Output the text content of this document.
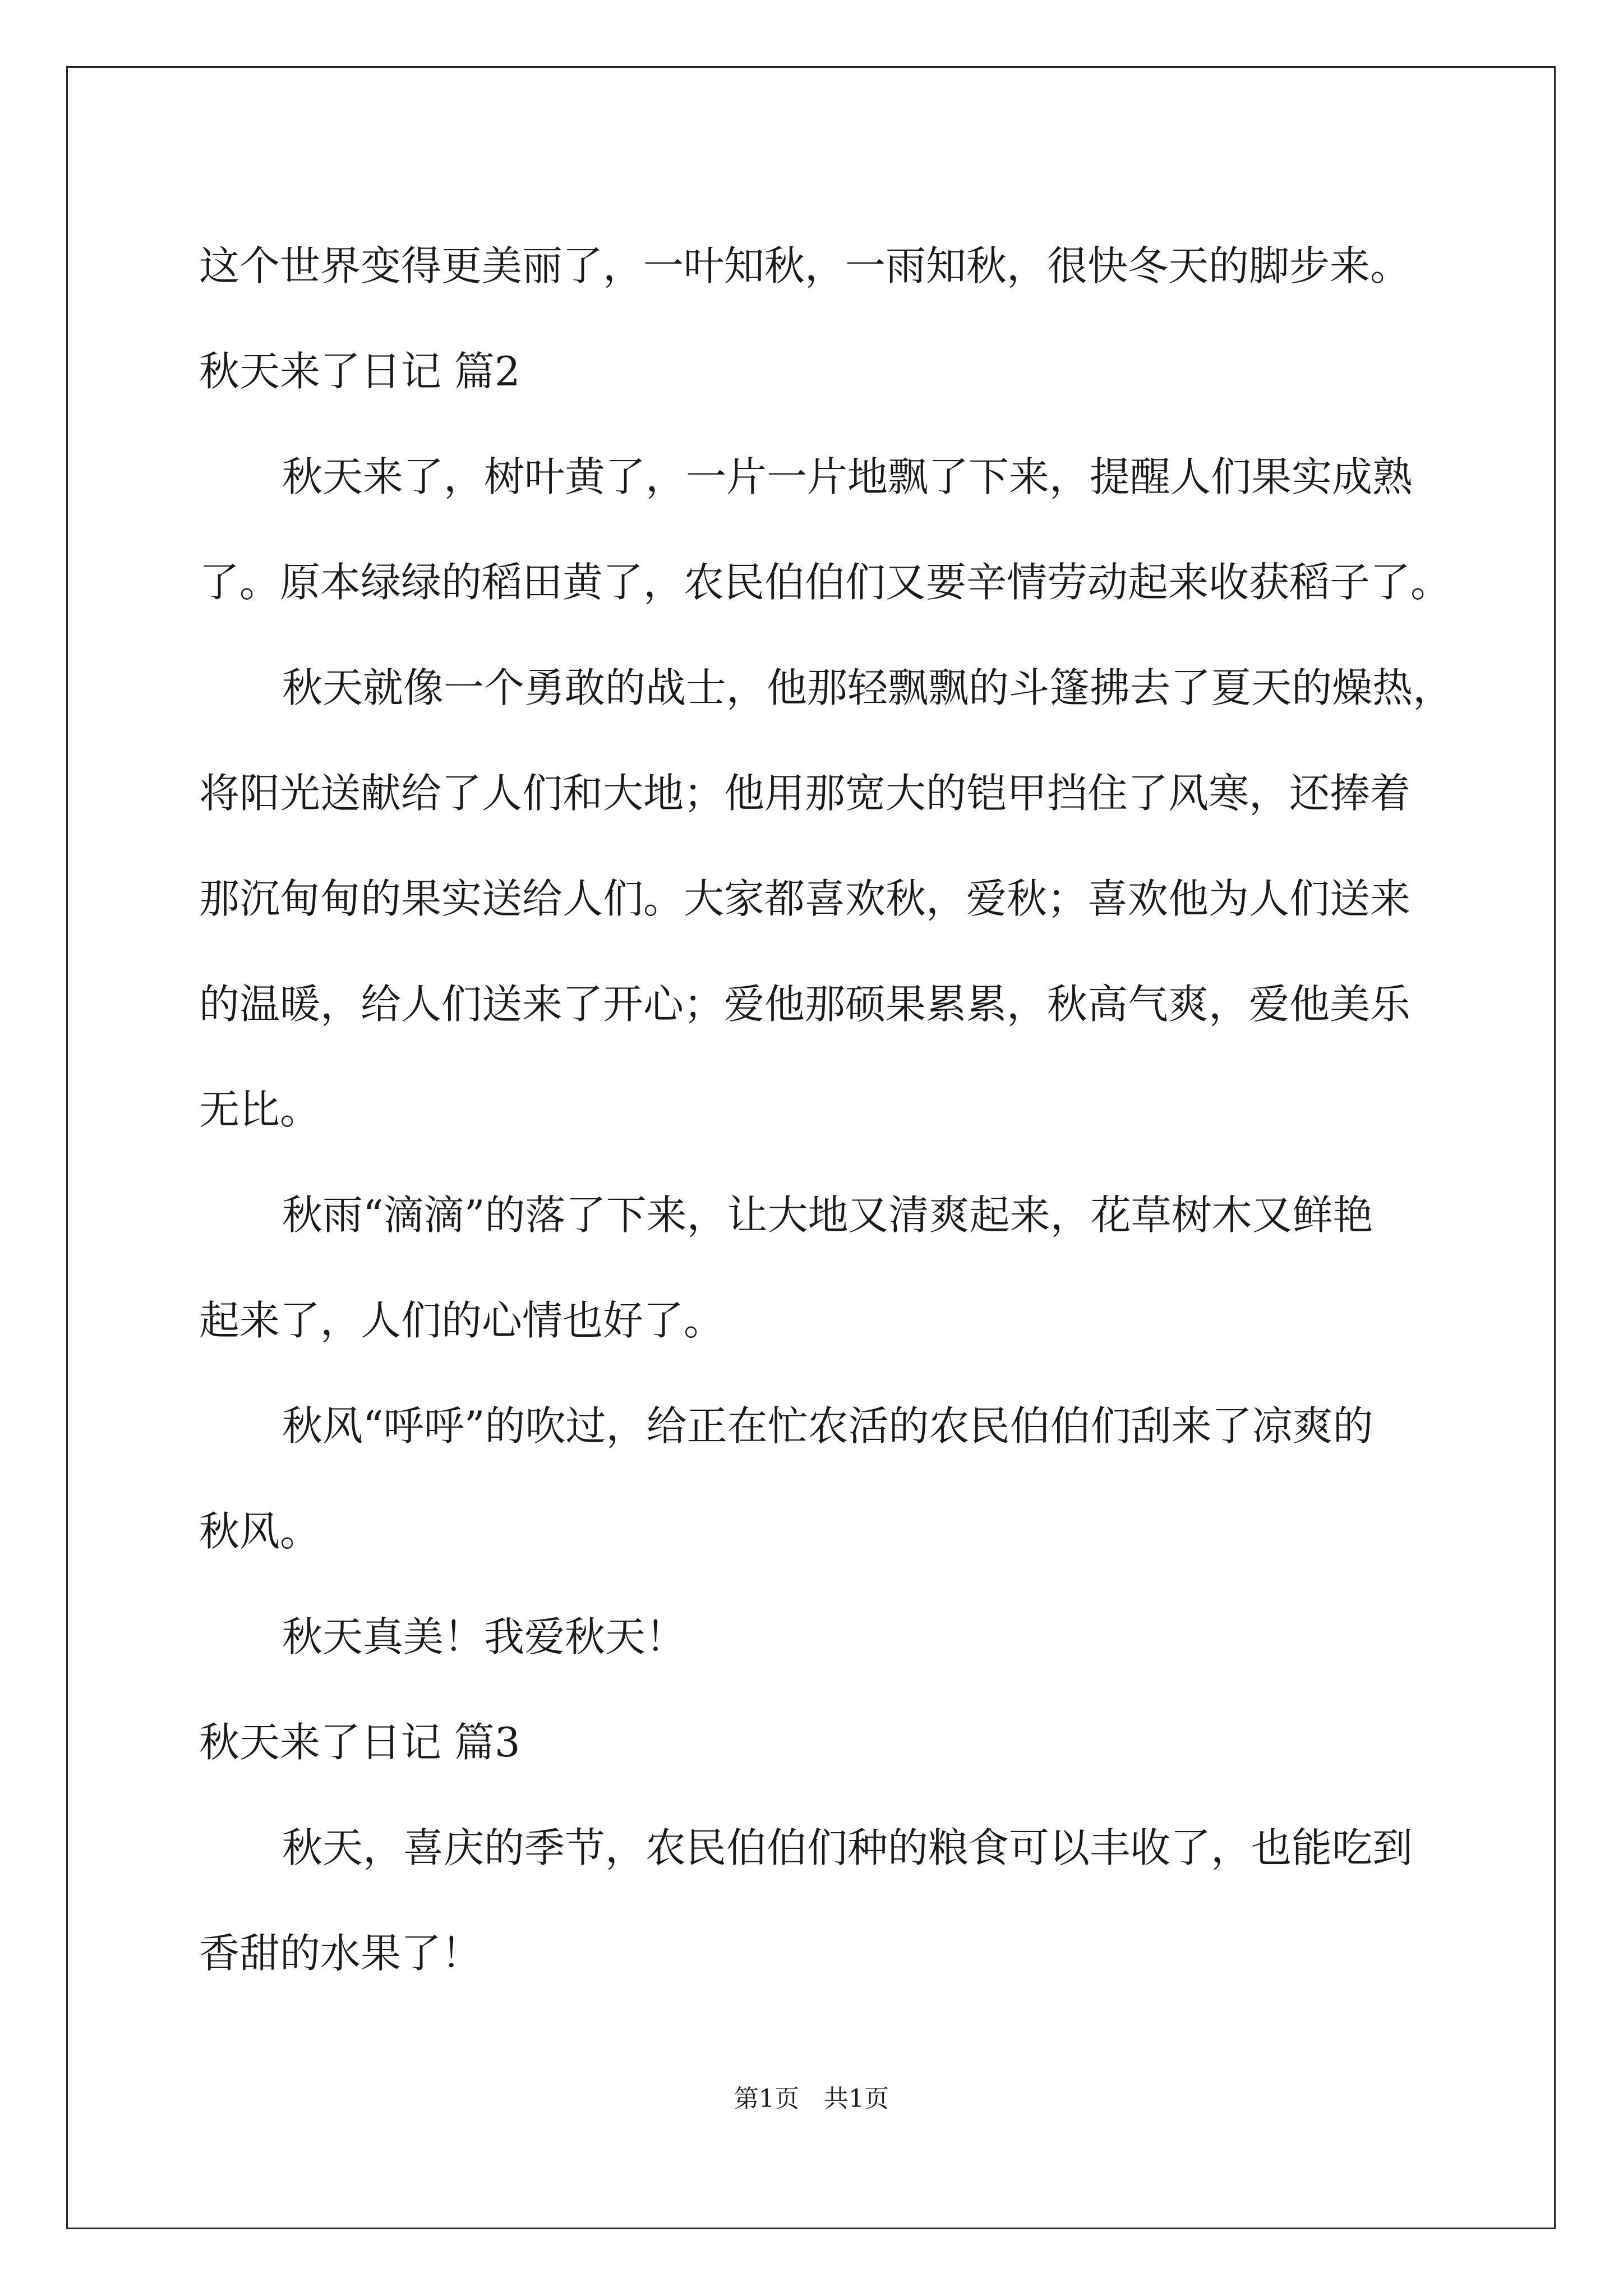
这个世界变得更美丽了，一叶知秋，一雨知秋，很快冬天的脚步来。
秋天来了日记 篇2
秋天来了，树叶黄了，一片一片地飘了下来，提醒人们果实成熟
了。原本绿绿的稻田黄了，农民伯伯们又要辛情劳动起来收获稻子了。
秋天就像一个勇敢的战士，他那轻飘飘的斗篷拂去了夏天的燥热，
将阳光送献给了人们和大地；他用那宽大的铠甲挡住了风寒，还捧着
那沉甸甸的果实送给人们。大家都喜欢秋，爱秋；喜欢他为人们送来
的温暖，给人们送来了开心；爱他那硕果累累，秋高气爽，爱他美乐
无比。
秋雨“滴滴”的落了下来，让大地又清爽起来，花草树木又鲜艳
起来了，人们的心情也好了。
秋风“呼呼”的吹过，给正在忙农活的农民伯伯们刮来了凉爽的
秋风。
秋天真美！我爱秋天！
秋天来了日记 篇3
秋天，喜庆的季节，农民伯伯们种的粮食可以丰收了，也能吃到
香甜的水果了！
第1页　共1页
